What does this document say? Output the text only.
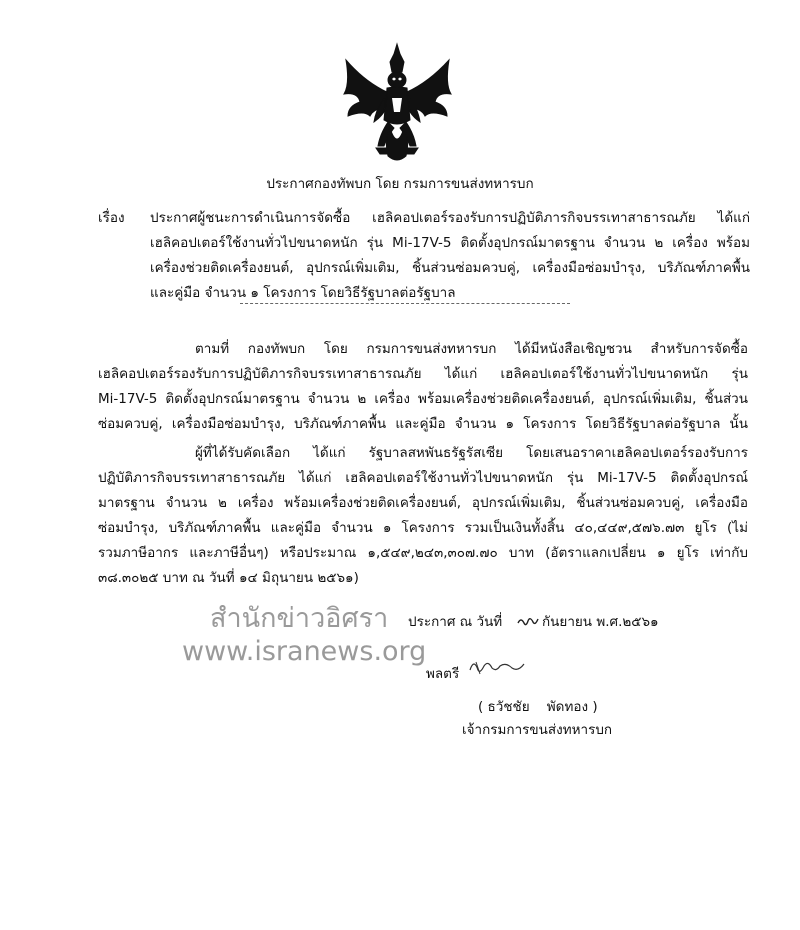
ประกาศกองทัพบก โดย กรมการขนส่งทหารบก
เรื่อง ประกาศผู้ชนะการดำเนินการจัดซื้อ เฮลิคอปเตอร์รองรับการปฏิบัติภารกิจบรรเทาสาธารณภัย ได้แก่
เฮลิคอปเตอร์ใช้งานทั่วไปขนาดหนัก รุ่น Mi-17V-5 ติดตั้งอุปกรณ์มาตรฐาน จำนวน ๒ เครื่อง พร้อม
เครื่องช่วยติดเครื่องยนต์, อุปกรณ์เพิ่มเติม, ชิ้นส่วนซ่อมควบคู่, เครื่องมือซ่อมบำรุง, บริภัณฑ์ภาคพื้น
และคู่มือ จำนวน ๑ โครงการ โดยวิธีรัฐบาลต่อรัฐบาล
ตามที่ กองทัพบก โดย กรมการขนส่งทหารบก ได้มีหนังสือเชิญชวน สำหรับการจัดซื้อ
เฮลิคอปเตอร์รองรับการปฏิบัติภารกิจบรรเทาสาธารณภัย ได้แก่ เฮลิคอปเตอร์ใช้งานทั่วไปขนาดหนัก รุ่น
Mi-17V-5 ติดตั้งอุปกรณ์มาตรฐาน จำนวน ๒ เครื่อง พร้อมเครื่องช่วยติดเครื่องยนต์, อุปกรณ์เพิ่มเติม, ชิ้นส่วน
ซ่อมควบคู่, เครื่องมือซ่อมบำรุง, บริภัณฑ์ภาคพื้น และคู่มือ จำนวน ๑ โครงการ โดยวิธีรัฐบาลต่อรัฐบาล นั้น
ผู้ที่ได้รับคัดเลือก ได้แก่ รัฐบาลสหพันธรัฐรัสเซีย โดยเสนอราคาเฮลิคอปเตอร์รองรับการ
ปฏิบัติภารกิจบรรเทาสาธารณภัย ได้แก่ เฮลิคอปเตอร์ใช้งานทั่วไปขนาดหนัก รุ่น Mi-17V-5 ติดตั้งอุปกรณ์
มาตรฐาน จำนวน ๒ เครื่อง พร้อมเครื่องช่วยติดเครื่องยนต์, อุปกรณ์เพิ่มเติม, ชิ้นส่วนซ่อมควบคู่, เครื่องมือ
ซ่อมบำรุง, บริภัณฑ์ภาคพื้น และคู่มือ จำนวน ๑ โครงการ รวมเป็นเงินทั้งสิ้น ๔๐,๔๔๙,๕๗๖.๗๓ ยูโร (ไม่
รวมภาษีอากร และภาษีอื่นๆ) หรือประมาณ ๑,๕๔๙,๒๔๓,๓๐๗.๗๐ บาท (อัตราแลกเปลี่ยน ๑ ยูโร เท่ากับ
๓๘.๓๐๒๕ บาท ณ วันที่ ๑๔ มิถุนายน ๒๕๖๑)
สำนักข่าวอิศรา
www.isranews.org
ประกาศ ณ วันที่	กันยายน พ.ศ.๒๕๖๑
พลตรี
( ธวัชชัย    พัดทอง )
เจ้ากรมการขนส่งทหารบก
